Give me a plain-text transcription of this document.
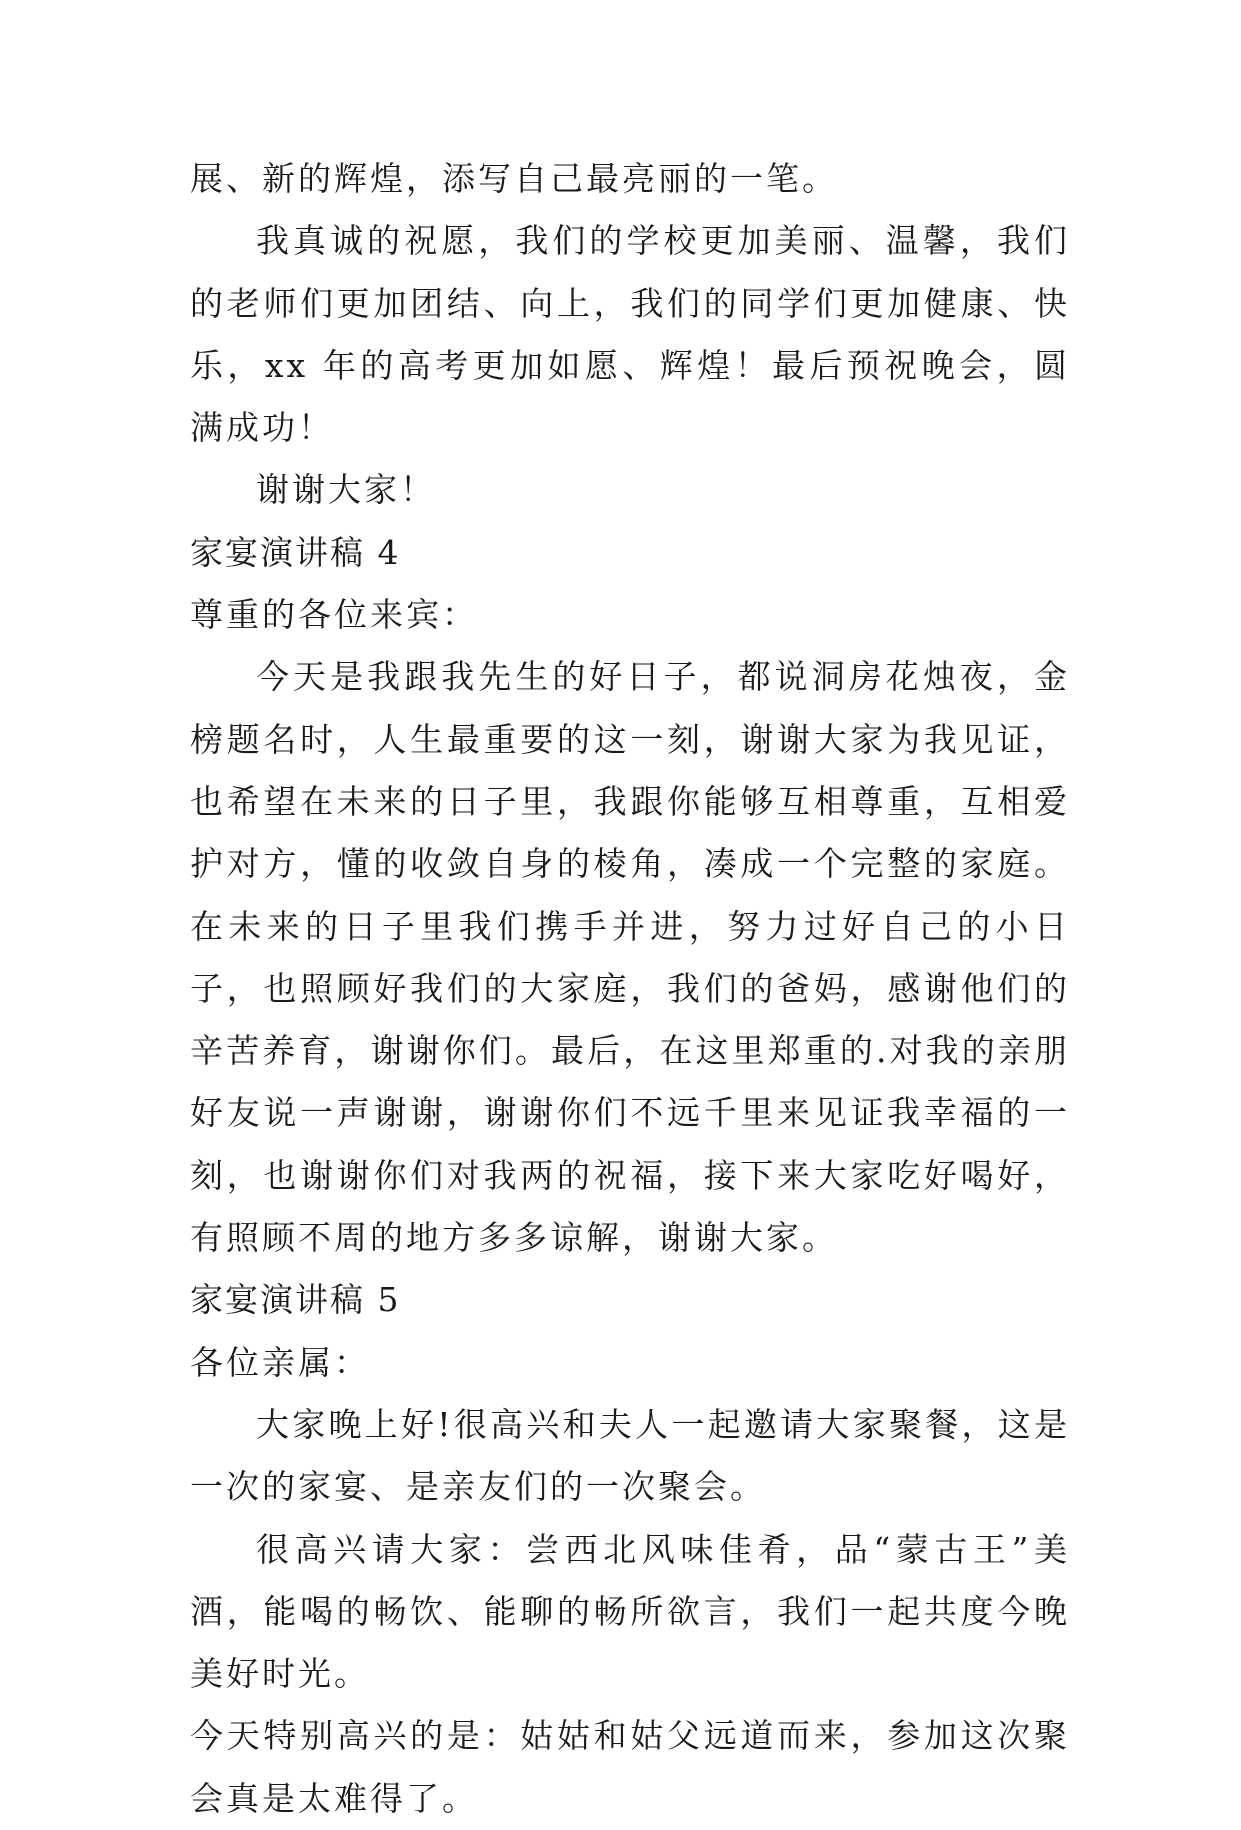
展、新的辉煌，添写自己最亮丽的一笔。

我真诚的祝愿，我们的学校更加美丽、温馨，我们的老师们更加团结、向上，我们的同学们更加健康、快乐，xx 年的高考更加如愿、辉煌！最后预祝晚会，圆满成功！

谢谢大家！

家宴演讲稿 4

尊重的各位来宾：

今天是我跟我先生的好日子，都说洞房花烛夜，金榜题名时，人生最重要的这一刻，谢谢大家为我见证，也希望在未来的日子里，我跟你能够互相尊重，互相爱护对方，懂的收敛自身的棱角，凑成一个完整的家庭。在未来的日子里我们携手并进，努力过好自己的小日子，也照顾好我们的大家庭，我们的爸妈，感谢他们的辛苦养育，谢谢你们。最后，在这里郑重的.对我的亲朋好友说一声谢谢，谢谢你们不远千里来见证我幸福的一刻，也谢谢你们对我两的祝福，接下来大家吃好喝好，有照顾不周的地方多多谅解，谢谢大家。

家宴演讲稿 5

各位亲属：

大家晚上好!很高兴和夫人一起邀请大家聚餐，这是一次的家宴、是亲友们的一次聚会。

很高兴请大家：尝西北风味佳肴，品“蒙古王”美酒，能喝的畅饮、能聊的畅所欲言，我们一起共度今晚美好时光。

今天特别高兴的是：姑姑和姑父远道而来，参加这次聚会真是太难得了。
